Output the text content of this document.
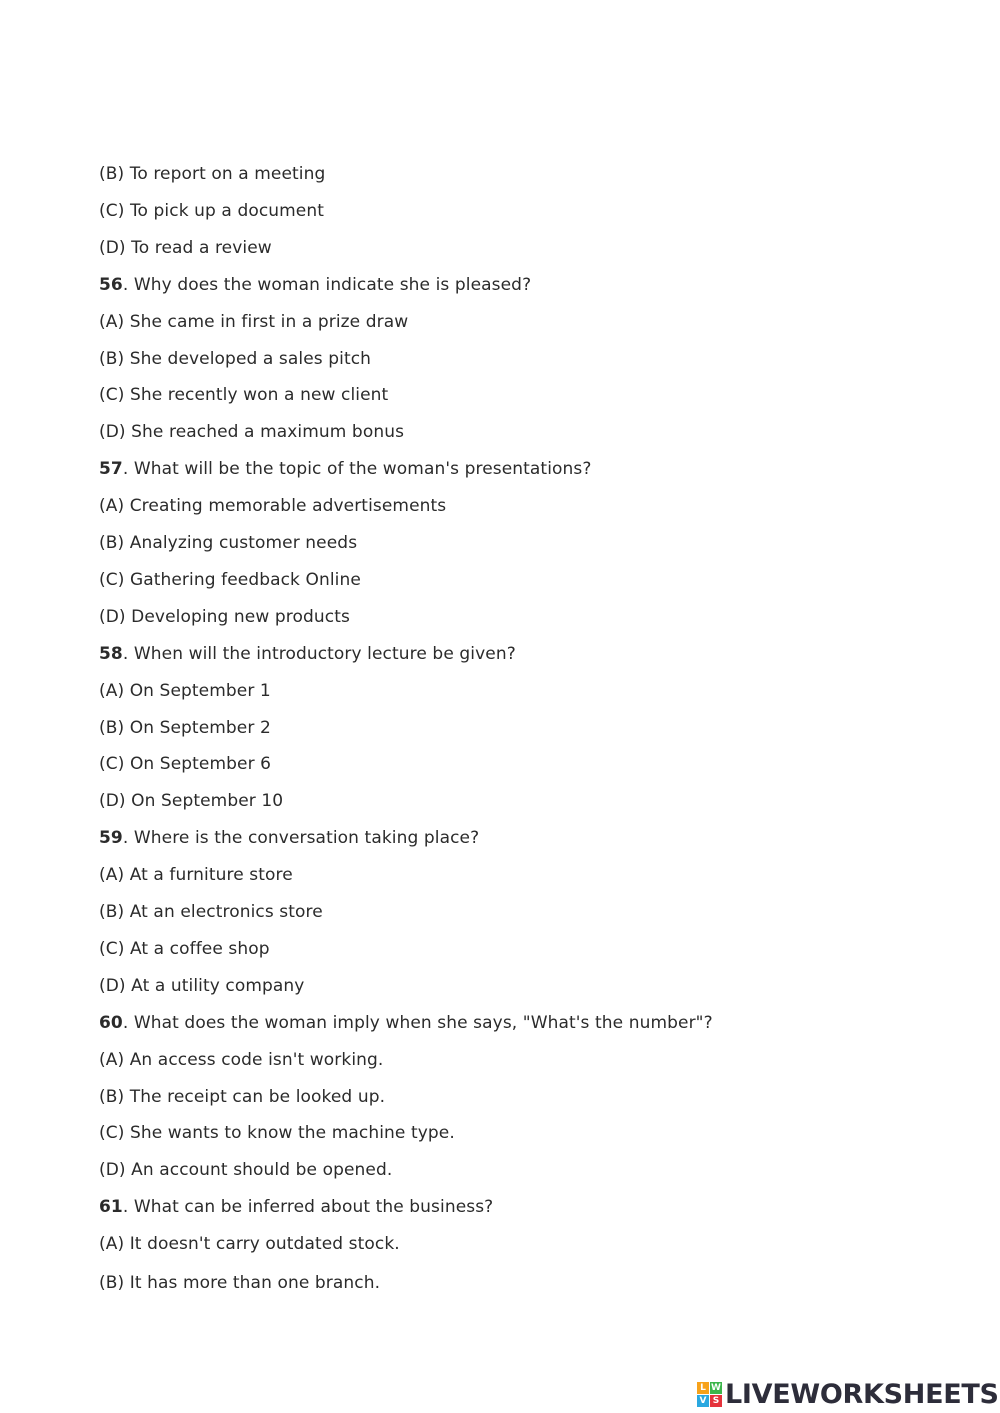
(B) To report on a meeting
(C) To pick up a document
(D) To read a review
56. Why does the woman indicate she is pleased?
(A) She came in first in a prize draw
(B) She developed a sales pitch
(C) She recently won a new client
(D) She reached a maximum bonus
57. What will be the topic of the woman's presentations?
(A) Creating memorable advertisements
(B) Analyzing customer needs
(C) Gathering feedback Online
(D) Developing new products
58. When will the introductory lecture be given?
(A) On September 1
(B) On September 2
(C) On September 6
(D) On September 10
59. Where is the conversation taking place?
(A) At a furniture store
(B) At an electronics store
(C) At a coffee shop
(D) At a utility company
60. What does the woman imply when she says, "What's the number"?
(A) An access code isn't working.
(B) The receipt can be looked up.
(C) She wants to know the machine type.
(D) An account should be opened.
61. What can be inferred about the business?
(A) It doesn't carry outdated stock.
(B) It has more than one branch.
L W
V S LIVEWORKSHEETS
